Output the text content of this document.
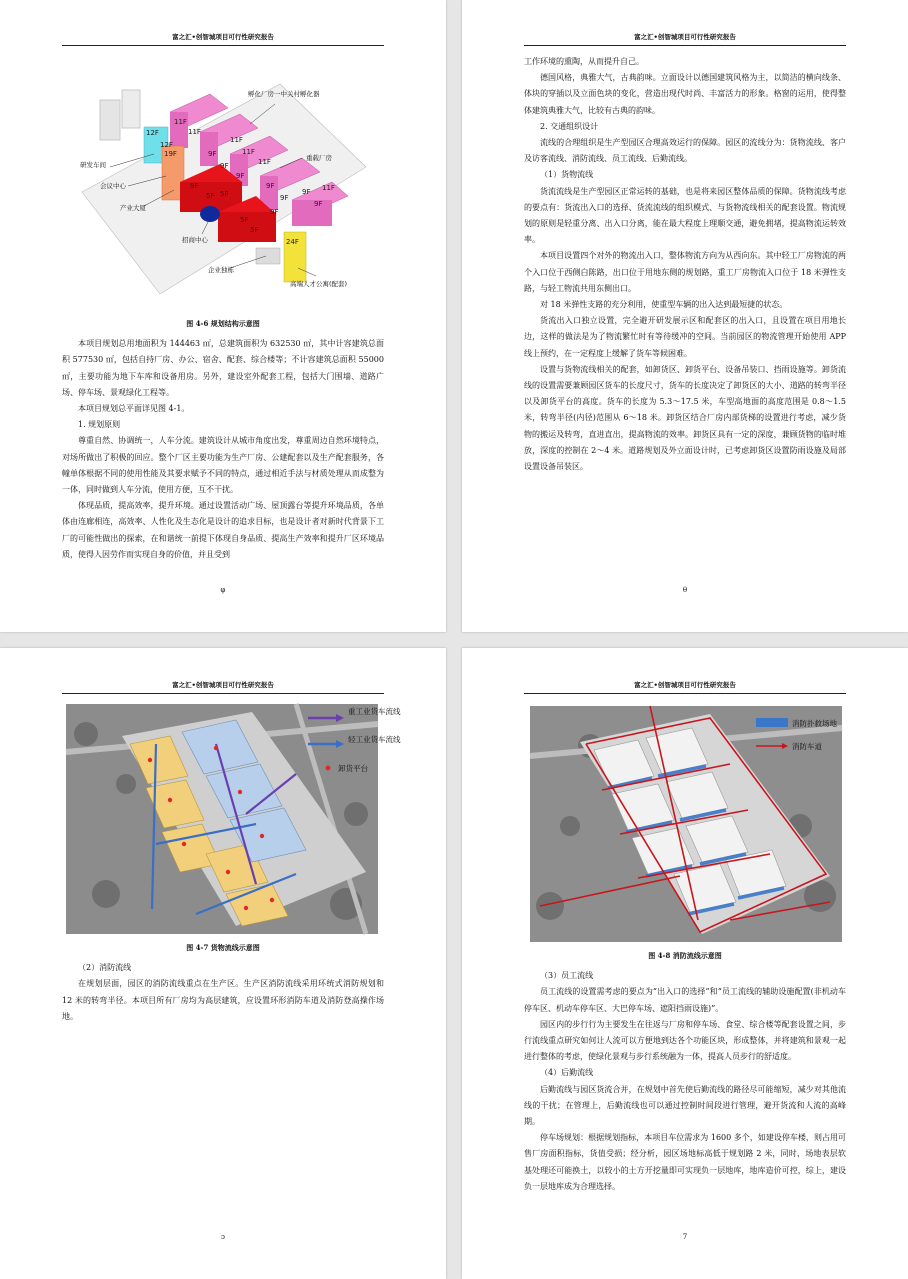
富之汇•创智城项目可行性研究报告
11F
12F
12F
11F
11F
11F
9F
9F
9F
19F
9F
9F
9F
9F
5F
5F
9F
9F
24F
5F
5F
11F
11F
孵化厂房一中关村孵化器
研发车间
会议中心
产业大厦
重载厂房
招商中心
企业独栋
高端人才公寓(配套)
图 4-6 规划结构示意图

本项目规划总用地面积为 144463 ㎡，总建筑面积为 632530 ㎡，其中计容建筑总面积 577530 ㎡，包括自持厂房、办公、宿舍、配套、综合楼等；不计容建筑总面积 55000 ㎡，主要功能为地下车库和设备用房。另外，建设室外配套工程，包括大门围墙、道路广场、停车场、景观绿化工程等。

本项目规划总平面详见图 4-1。

1. 规划原则

尊重自然、协调统一，人车分流。建筑设计从城市角度出发，尊重周边自然环境特点，对场所做出了积极的回应。整个厂区主要功能为生产厂房、公建配套以及生产配套服务，各幢单体根据不同的使用性能及其要求赋予不同的特点，通过相近手法与材质处理从而成整为一体，同时做到人车分流，使用方便，互不干扰。

体现品质，提高效率，提升环境。通过设置活动广场、屋顶露台等提升环境品质，各单体由连廊相连，高效率、人性化及生态化是设计的追求目标，也是设计者对新时代背景下工厂的可能性做出的探索，在和谐统一前提下体现自身品质、提高生产效率和提升厂区环境品质，使得人因劳作而实现自身的价值，并且受到

φ
富之汇•创智城项目可行性研究报告

工作环境的熏陶，从而提升自己。

德国风格，典雅大气，古典韵味。立面设计以德国建筑风格为主，以简洁的横向线条、体块的穿插以及立面色块的变化，营造出现代时尚、丰富活力的形象。格窗的运用，使得整体建筑典雅大气，比较有古典的韵味。

2. 交通组织设计

流线的合理组织是生产型园区合理高效运行的保障。园区的流线分为：货物流线、客户及访客流线、消防流线、员工流线、后勤流线。

（1）货物流线

货流流线是生产型园区正常运转的基础，也是将来园区整体品质的保障。货物流线考虑的要点有：货流出入口的选择、货流流线的组织模式、与货物流线相关的配套设置。物流规划的原则是轻重分离、出入口分离，能在最大程度上理顺交通，避免拥堵，提高物流运转效率。

本项目设置四个对外的物流出入口，整体物流方向为从西向东。其中轻工厂房物流的两个入口位于西侧白陈路，出口位于用地东侧的规划路，重工厂房物流入口位于 18 米弹性支路，与轻工物流共用东侧出口。

对 18 米弹性支路的充分利用，使重型车辆的出入达到最短捷的状态。

货流出入口独立设置，完全避开研发展示区和配套区的出入口，且设置在项目用地长边，这样的做法是为了物流繁忙时有等待缓冲的空间。当前园区的物流管理开始使用 APP 线上预约，在一定程度上缓解了货车等候困难。

设置与货物流线相关的配套，如卸货区、卸货平台、设备吊装口、挡雨设施等。卸货流线的设置需要兼顾园区货车的长度尺寸，货车的长度决定了卸货区的大小、道路的转弯半径以及卸货平台的高度。货车的长度为 5.3～17.5 米，车型高地面的高度范围是 0.8～1.5 米，转弯半径(内径)范围从 6～18 米。卸货区结合厂房内部货梯的设置进行考虑，减少货物的搬运及转弯，直进直出，提高物流的效率。卸货区具有一定的深度，兼顾货物的临时堆放，深度的控制在 2～4 米。道路规划及外立面设计时，已考虑卸货区设置防雨设施及局部设置设备吊装区。

θ
富之汇•创智城项目可行性研究报告
重工业货车流线
轻工业货车流线
卸货平台
图 4-7 货物流线示意图

（2）消防流线

在规划层面，园区的消防流线重点在生产区。生产区消防流线采用环统式消防规划和 12 米的转弯半径。本项目所有厂房均为高层建筑，应设置环形消防车道及消防登高操作场地。

ɔ
富之汇•创智城项目可行性研究报告
消防扑救场地
消防车道
图 4-8 消防流线示意图

（3）员工流线

员工流线的设置需考虑的要点为“出入口的选择”和“员工流线的辅助设施配置(非机动车停车区、机动车停车区、大巴停车场、遮阳挡雨设施)”。

园区内的步行行为主要发生在往返与厂房和停车场、食堂、综合楼等配套设置之间，步行流线重点研究如何让人流可以方便地到达各个功能区块，形成整体，并将建筑和景观一起进行整体的考虑，使绿化景观与步行系统融为一体，提高人员步行的舒适度。

（4）后勤流线

后勤流线与园区货流合并，在规划中首先使后勤流线的路径尽可能缩短，减少对其他流线的干扰；在管理上，后勤流线也可以通过控制时间段进行管理，避开货流和人流的高峰期。

停车场规划：根据规划指标，本项目车位需求为 1600 多个，如建设停车楼，则占用可售厂房面积指标，货值受损；经分析，园区场地标高低于规划路 2 米，同时，场地表层软基处理还可能换土，以较小的土方开挖量即可实现负一层地库，地库造价可控，综上，建设负一层地库成为合理选择。

7
